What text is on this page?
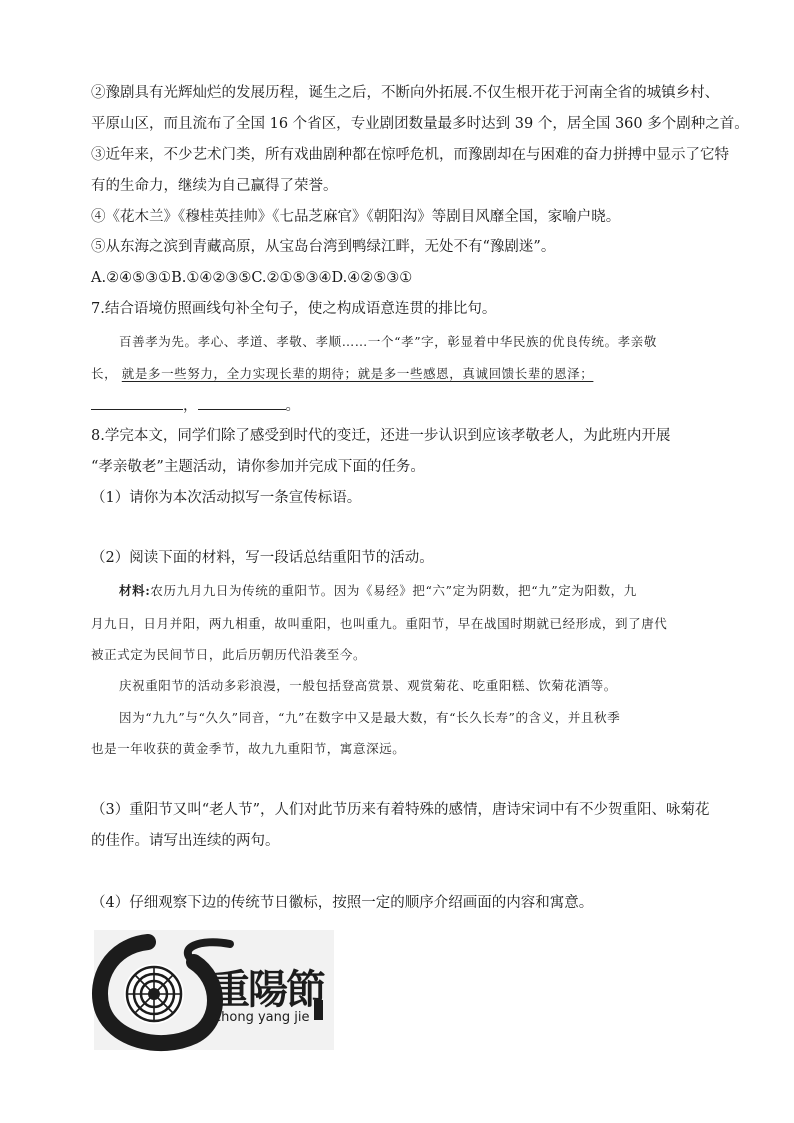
②豫剧具有光辉灿烂的发展历程，诞生之后，不断向外拓展.不仅生根开花于河南全省的城镇乡村、
平原山区，而且流布了全国 16 个省区，专业剧团数量最多时达到 39 个，居全国 360 多个剧种之首。
③近年来，不少艺术门类，所有戏曲剧种都在惊呼危机，而豫剧却在与困难的奋力拼搏中显示了它特
有的生命力，继续为自己赢得了荣誉。
④《花木兰》《穆桂英挂帅》《七品芝麻官》《朝阳沟》等剧目风靡全国，家喻户晓。
⑤从东海之滨到青藏高原，从宝岛台湾到鸭绿江畔，无处不有“豫剧迷”。
A.②④⑤③①B.①④②③⑤C.②①⑤③④D.④②⑤③①
7.结合语境仿照画线句补全句子，使之构成语意连贯的排比句。
百善孝为先。孝心、孝道、孝敬、孝顺……一个“孝”字，彰显着中华民族的优良传统。孝亲敬
长， 就是多一些努力，全力实现长辈的期待；就是多一些感恩，真诚回馈长辈的恩泽；
，	。
8.学完本文，同学们除了感受到时代的变迁，还进一步认识到应该孝敬老人，为此班内开展
“孝亲敬老”主题活动，请你参加并完成下面的任务。
（1）请你为本次活动拟写一条宣传标语。
（2）阅读下面的材料，写一段话总结重阳节的活动。
材料:农历九月九日为传统的重阳节。因为《易经》把“六”定为阴数，把“九”定为阳数，九
月九日，日月并阳，两九相重，故叫重阳，也叫重九。重阳节，早在战国时期就已经形成，到了唐代
被正式定为民间节日，此后历朝历代沿袭至今。
庆祝重阳节的活动多彩浪漫，一般包括登高赏景、观赏菊花、吃重阳糕、饮菊花酒等。
因为“九九”与“久久”同音，“九”在数字中又是最大数，有“长久长寿”的含义，并且秋季
也是一年收获的黄金季节，故九九重阳节，寓意深远。
（3）重阳节又叫“老人节”，人们对此节历来有着特殊的感情，唐诗宋词中有不少贺重阳、咏菊花
的佳作。请写出连续的两句。
（4）仔细观察下边的传统节日徽标，按照一定的顺序介绍画面的内容和寓意。
重陽節
chong yang jie
